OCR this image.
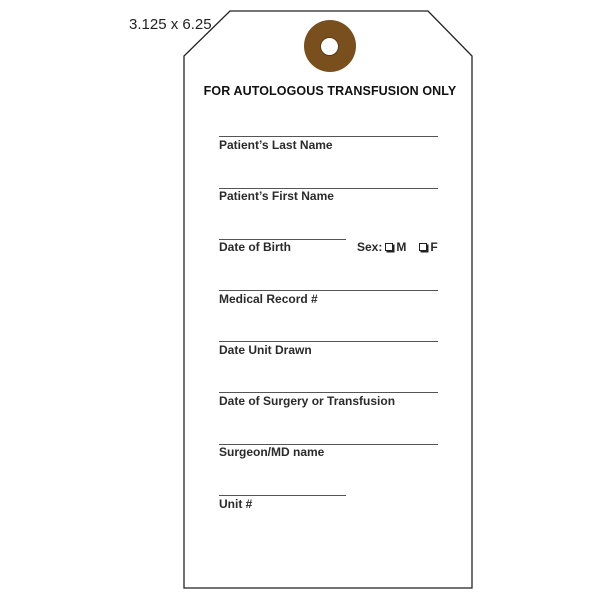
3.125 x 6.25
FOR AUTOLOGOUS TRANSFUSION ONLY
Patient’s Last Name
Patient’s First Name
Date of Birth	Sex: M F
Medical Record #
Date Unit Drawn
Date of Surgery or Transfusion
Surgeon/MD name
Unit #
